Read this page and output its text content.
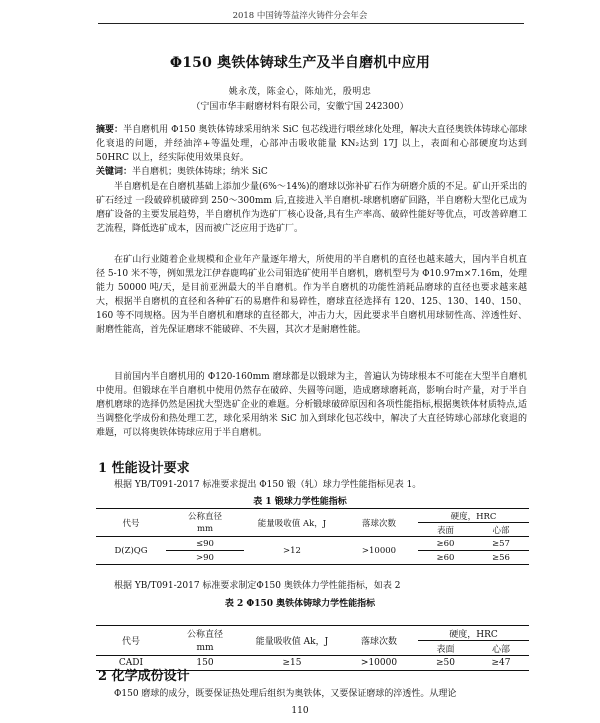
2018 中国铸等益淬火铸件分会年会
Φ150 奥铁体铸球生产及半自磨机中应用
姚永茂，陈金心，陈灿光，殷明忠
（宁国市华丰耐磨材料有限公司，安徽宁国 242300）
摘要：半自磨机用 Φ150 奥铁体铸球采用纳米 SiC 包芯线进行喂丝球化处理，解决大直径奥铁体铸球心部球化衰退的问题，并经油淬+等温处理，心部冲击吸收能量 KN₂达到 17J 以上，表面和心部硬度均达到 50HRC 以上，经实际使用效果良好。
关键词：半自磨机；奥铁体铸球；纳米 SiC
半自磨机是在自磨机基础上添加少量(6%～14%)的磨球以弥补矿石作为研磨介质的不足。矿山开采出的矿石经过 一段破碎机破碎到 250～300mm 后,直接进入半自磨机-球磨机磨矿回路，半自磨粉大型化已成为磨矿设备的主要发展趋势，半自磨机作为选矿厂核心设备,具有生产率高、破碎性能好等优点，可改善碎磨工艺流程，降低选矿成本，因而被广泛应用于选矿厂。
在矿山行业随着企业规模和企业年产量逐年增大，所使用的半自磨机的直径也越来越大，国内半自机直径 5-10 米不等，例如黑龙江伊春鹿鸣矿业公司钼选矿使用半自磨机，磨机型号为 Φ10.97m×7.16m，处理能力 50000 吨/天，是目前亚洲最大的半自磨机。作为半自磨机的功能性消耗品磨球的直径也要求越来越大，根据半自磨机的直径和各种矿石的易磨件和易碎性，磨球直径选择有 120、125、130、140、150、160 等不同规格。因为半自磨机和磨球的直径都大，冲击力大，因此要求半自磨机用球韧性高、淬透性好、耐磨性能高，首先保证磨球不能破碎、不失圆，其次才是耐磨性能。
目前国内半自磨机用的 Φ120-160mm 磨球都是以锻球为主，普遍认为铸球根本不可能在大型半自磨机中使用。但锻球在半自磨机中使用仍然存在破碎、失圆等问题，造成磨球磨耗高，影响台时产量，对于半自磨机磨球的选择仍然是困扰大型选矿企业的难题。分析锻球破碎原因和各项性能指标,根据奥铁体材质特点,适当调整化学成份和热处理工艺，球化采用纳米 SiC 加入到球化包芯线中，解决了大直径铸球心部球化衰退的难题，可以将奥铁体铸球应用于半自磨机。
1 性能设计要求
根据 YB/T091-2017 标准要求提出 Φ150 锻（轧）球力学性能指标见表 1。
表 1 锻球力学性能指标
代号	公称直径	能量吸收值 Ak，J	落球次数	硬度，HRC	
	mm			表面	心部
D(Z)QG	≤90	>12	>10000	≥60	≥57
	>90			≥60	≥56
根据 YB/T091-2017 标准要求制定Φ150 奥铁体力学性能指标，如表 2
表 2 Φ150 奥铁体铸球力学性能指标
代号	公称直径	能量吸收值 Ak，J	落球次数	硬度，HRC	
	mm			表面	心部
CADI	150	≥15	>10000	≥50	≥47
2 化学成份设计
Φ150 磨球的成分，既要保证热处理后组织为奥铁体，又要保证磨球的淬透性。从理论
110
